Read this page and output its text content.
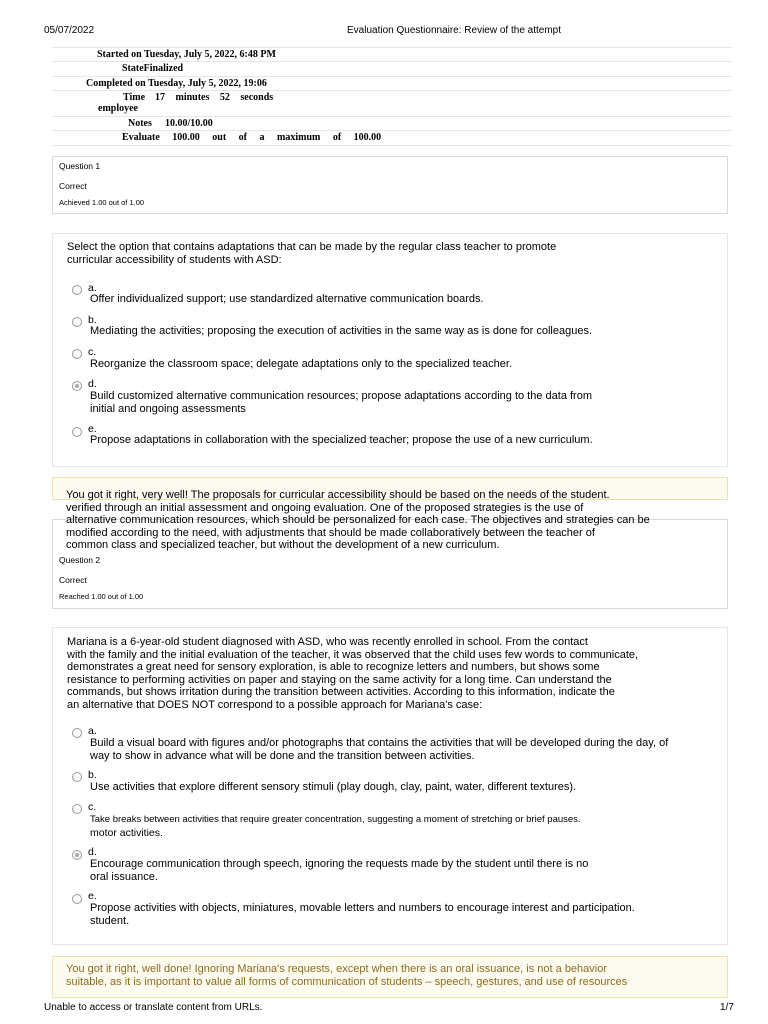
05/07/2022	Evaluation Questionnaire: Review of the attempt
Started on Tuesday, July 5, 2022, 6:48 PM
StateFinalized
Completed on Tuesday, July 5, 2022, 19:06
Time 17 minutes 52 seconds
employee
Notes 10.00/10.00
Evaluate 100.00 out of a maximum of 100.00
Question 1
Correct
Achieved 1.00 out of 1.00
Select the option that contains adaptations that can be made by the regular class teacher to promote
curricular accessibility of students with ASD:
a.
Offer individualized support; use standardized alternative communication boards.
b.
Mediating the activities; proposing the execution of activities in the same way as is done for colleagues.
c.
Reorganize the classroom space; delegate adaptations only to the specialized teacher.
d.
Build customized alternative communication resources; propose adaptations according to the data from
initial and ongoing assessments
e.
Propose adaptations in collaboration with the specialized teacher; propose the use of a new curriculum.
Question 2
Correct
Reached 1.00 out of 1.00
You got it right, very well! The proposals for curricular accessibility should be based on the needs of the student.
verified through an initial assessment and ongoing evaluation. One of the proposed strategies is the use of
alternative communication resources, which should be personalized for each case. The objectives and strategies can be
modified according to the need, with adjustments that should be made collaboratively between the teacher of
common class and specialized teacher, but without the development of a new curriculum.
Mariana is a 6-year-old student diagnosed with ASD, who was recently enrolled in school. From the contact
with the family and the initial evaluation of the teacher, it was observed that the child uses few words to communicate,
demonstrates a great need for sensory exploration, is able to recognize letters and numbers, but shows some
resistance to performing activities on paper and staying on the same activity for a long time. Can understand the
commands, but shows irritation during the transition between activities. According to this information, indicate the
an alternative that DOES NOT correspond to a possible approach for Mariana's case:
a.
Build a visual board with figures and/or photographs that contains the activities that will be developed during the day, of
way to show in advance what will be done and the transition between activities.
b.
Use activities that explore different sensory stimuli (play dough, clay, paint, water, different textures).
c.
Take breaks between activities that require greater concentration, suggesting a moment of stretching or brief pauses.
motor activities.
d.
Encourage communication through speech, ignoring the requests made by the student until there is no
oral issuance.
e.
Propose activities with objects, miniatures, movable letters and numbers to encourage interest and participation.
student.
You got it right, well done! Ignoring Mariana's requests, except when there is an oral issuance, is not a behavior
suitable, as it is important to value all forms of communication of students – speech, gestures, and use of resources
Unable to access or translate content from URLs.	1/7
